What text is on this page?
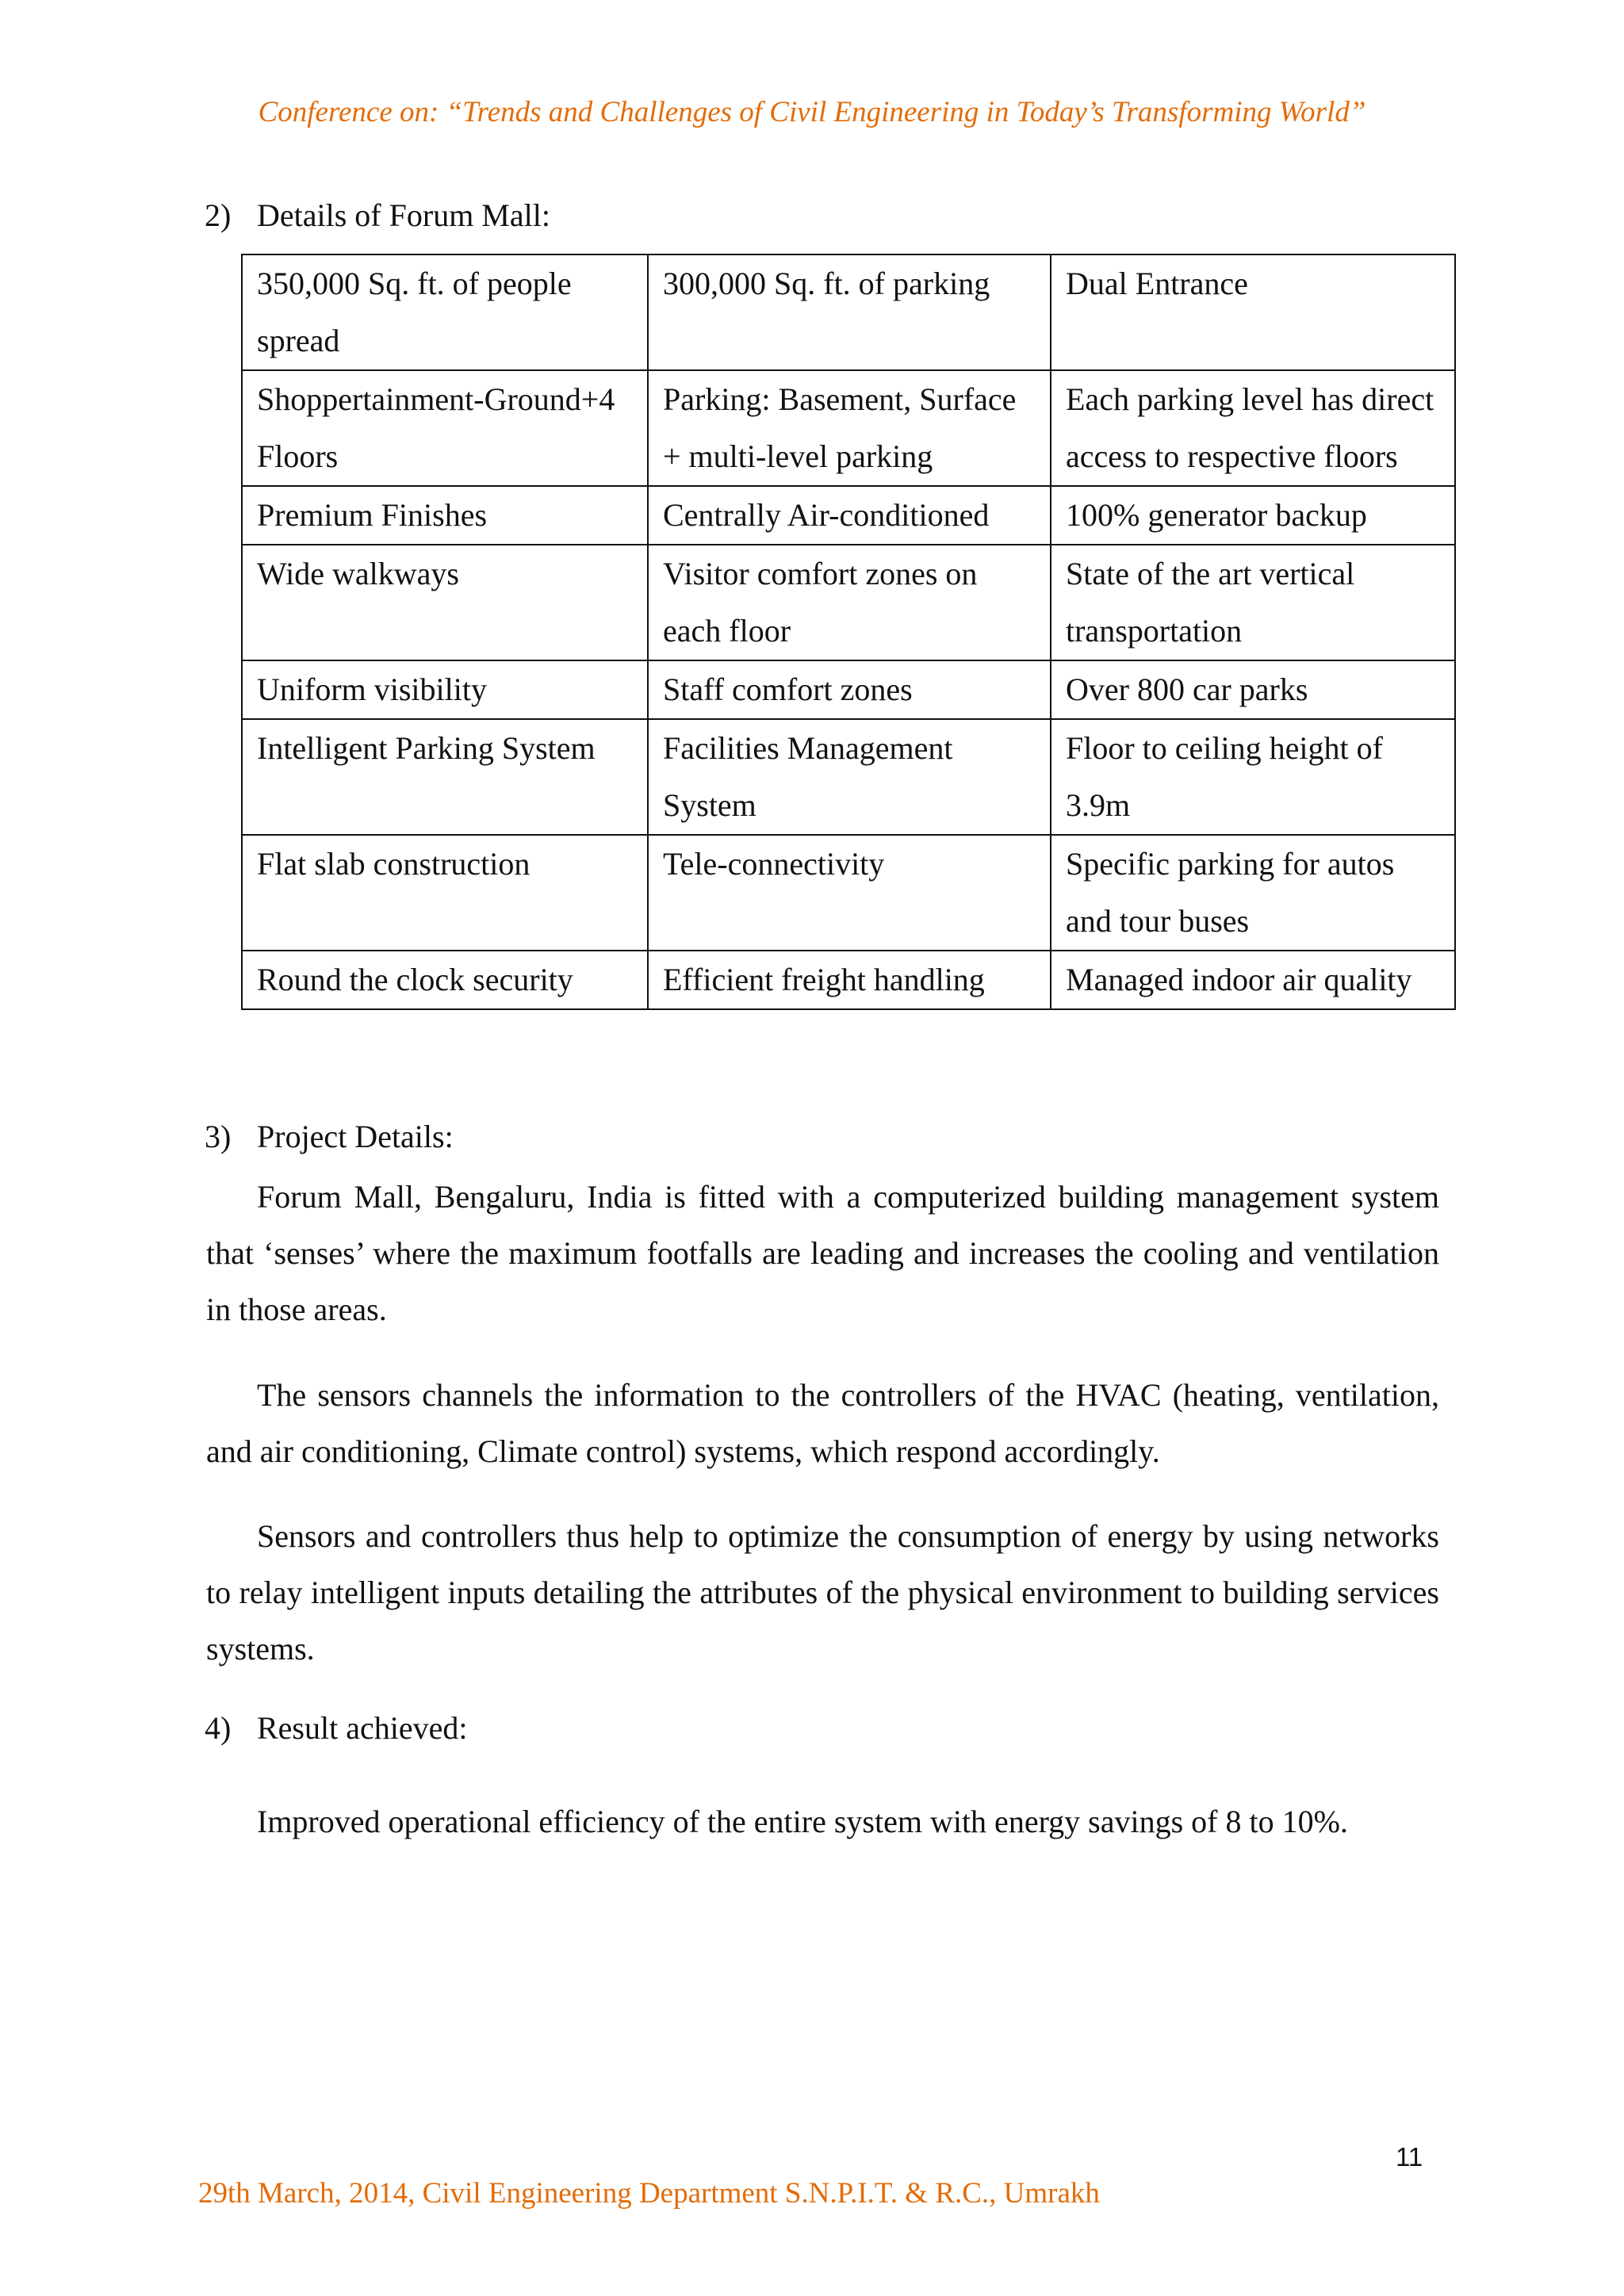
Conference on: “Trends and Challenges of Civil Engineering in Today’s Transforming World”
2) Details of Forum Mall:
350,000 Sq. ft. of people spread	300,000 Sq. ft. of parking	Dual Entrance
Shoppertainment-Ground+4 Floors	Parking: Basement, Surface + multi-level parking	Each parking level has direct access to respective floors
Premium Finishes	Centrally Air-conditioned	100% generator backup
Wide walkways	Visitor comfort zones on each floor	State of the art vertical transportation
Uniform visibility	Staff comfort zones	Over 800 car parks
Intelligent Parking System	Facilities Management System	Floor to ceiling height of 3.9m
Flat slab construction	Tele-connectivity	Specific parking for autos and tour buses
Round the clock security	Efficient freight handling	Managed indoor air quality
3) Project Details:

Forum Mall, Bengaluru, India is fitted with a computerized building management system that ‘senses’ where the maximum footfalls are leading and increases the cooling and ventilation in those areas.

The sensors channels the information to the controllers of the HVAC (heating, ventilation, and air conditioning, Climate control) systems, which respond accordingly.

Sensors and controllers thus help to optimize the consumption of energy by using networks to relay intelligent inputs detailing the attributes of the physical environment to building services systems.

4) Result achieved:

Improved operational efficiency of the entire system with energy savings of 8 to 10%.

11
29th March, 2014, Civil Engineering Department S.N.P.I.T. & R.C., Umrakh
